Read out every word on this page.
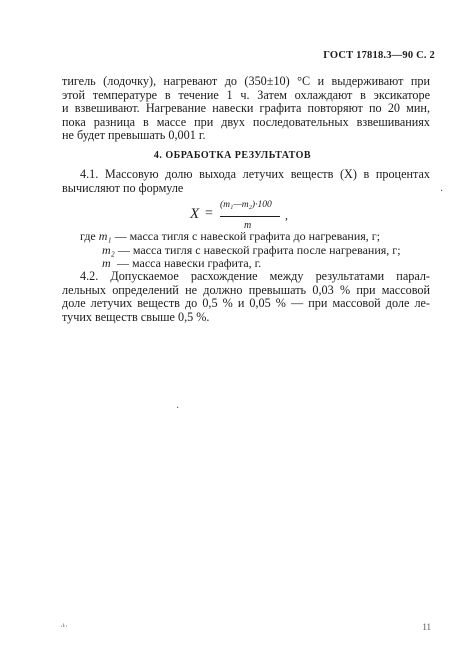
ГОСТ 17818.3—90 С. 2
тигель (лодочку), нагревают до (350±10) °С и выдерживают при
этой температуре в течение 1 ч. Затем охлаждают в эксикаторе
и взвешивают. Нагревание навески графита повторяют по 20 мин,
пока разница в массе при двух последовательных взвешиваниях
не будет превышать 0,001 г.
4. ОБРАБОТКА РЕЗУЛЬТАТОВ
4.1. Массовую долю выхода летучих веществ (X) в процентах
вычисляют по формуле
X =
(m₁—m₂)·100
m
,
где m₁ — масса тигля с навеской графита до нагревания, г;
m₂ — масса тигля с навеской графита после нагревания, г;
m — масса навески графита, г.
4.2. Допускаемое расхождение между результатами парал-
лельных определений не должно превышать 0,03 % при массовой
доле летучих веществ до 0,5 % и 0,05 % — при массовой доле ле-
тучих веществ свыше 0,5 %.
·
·
·¹·	11
